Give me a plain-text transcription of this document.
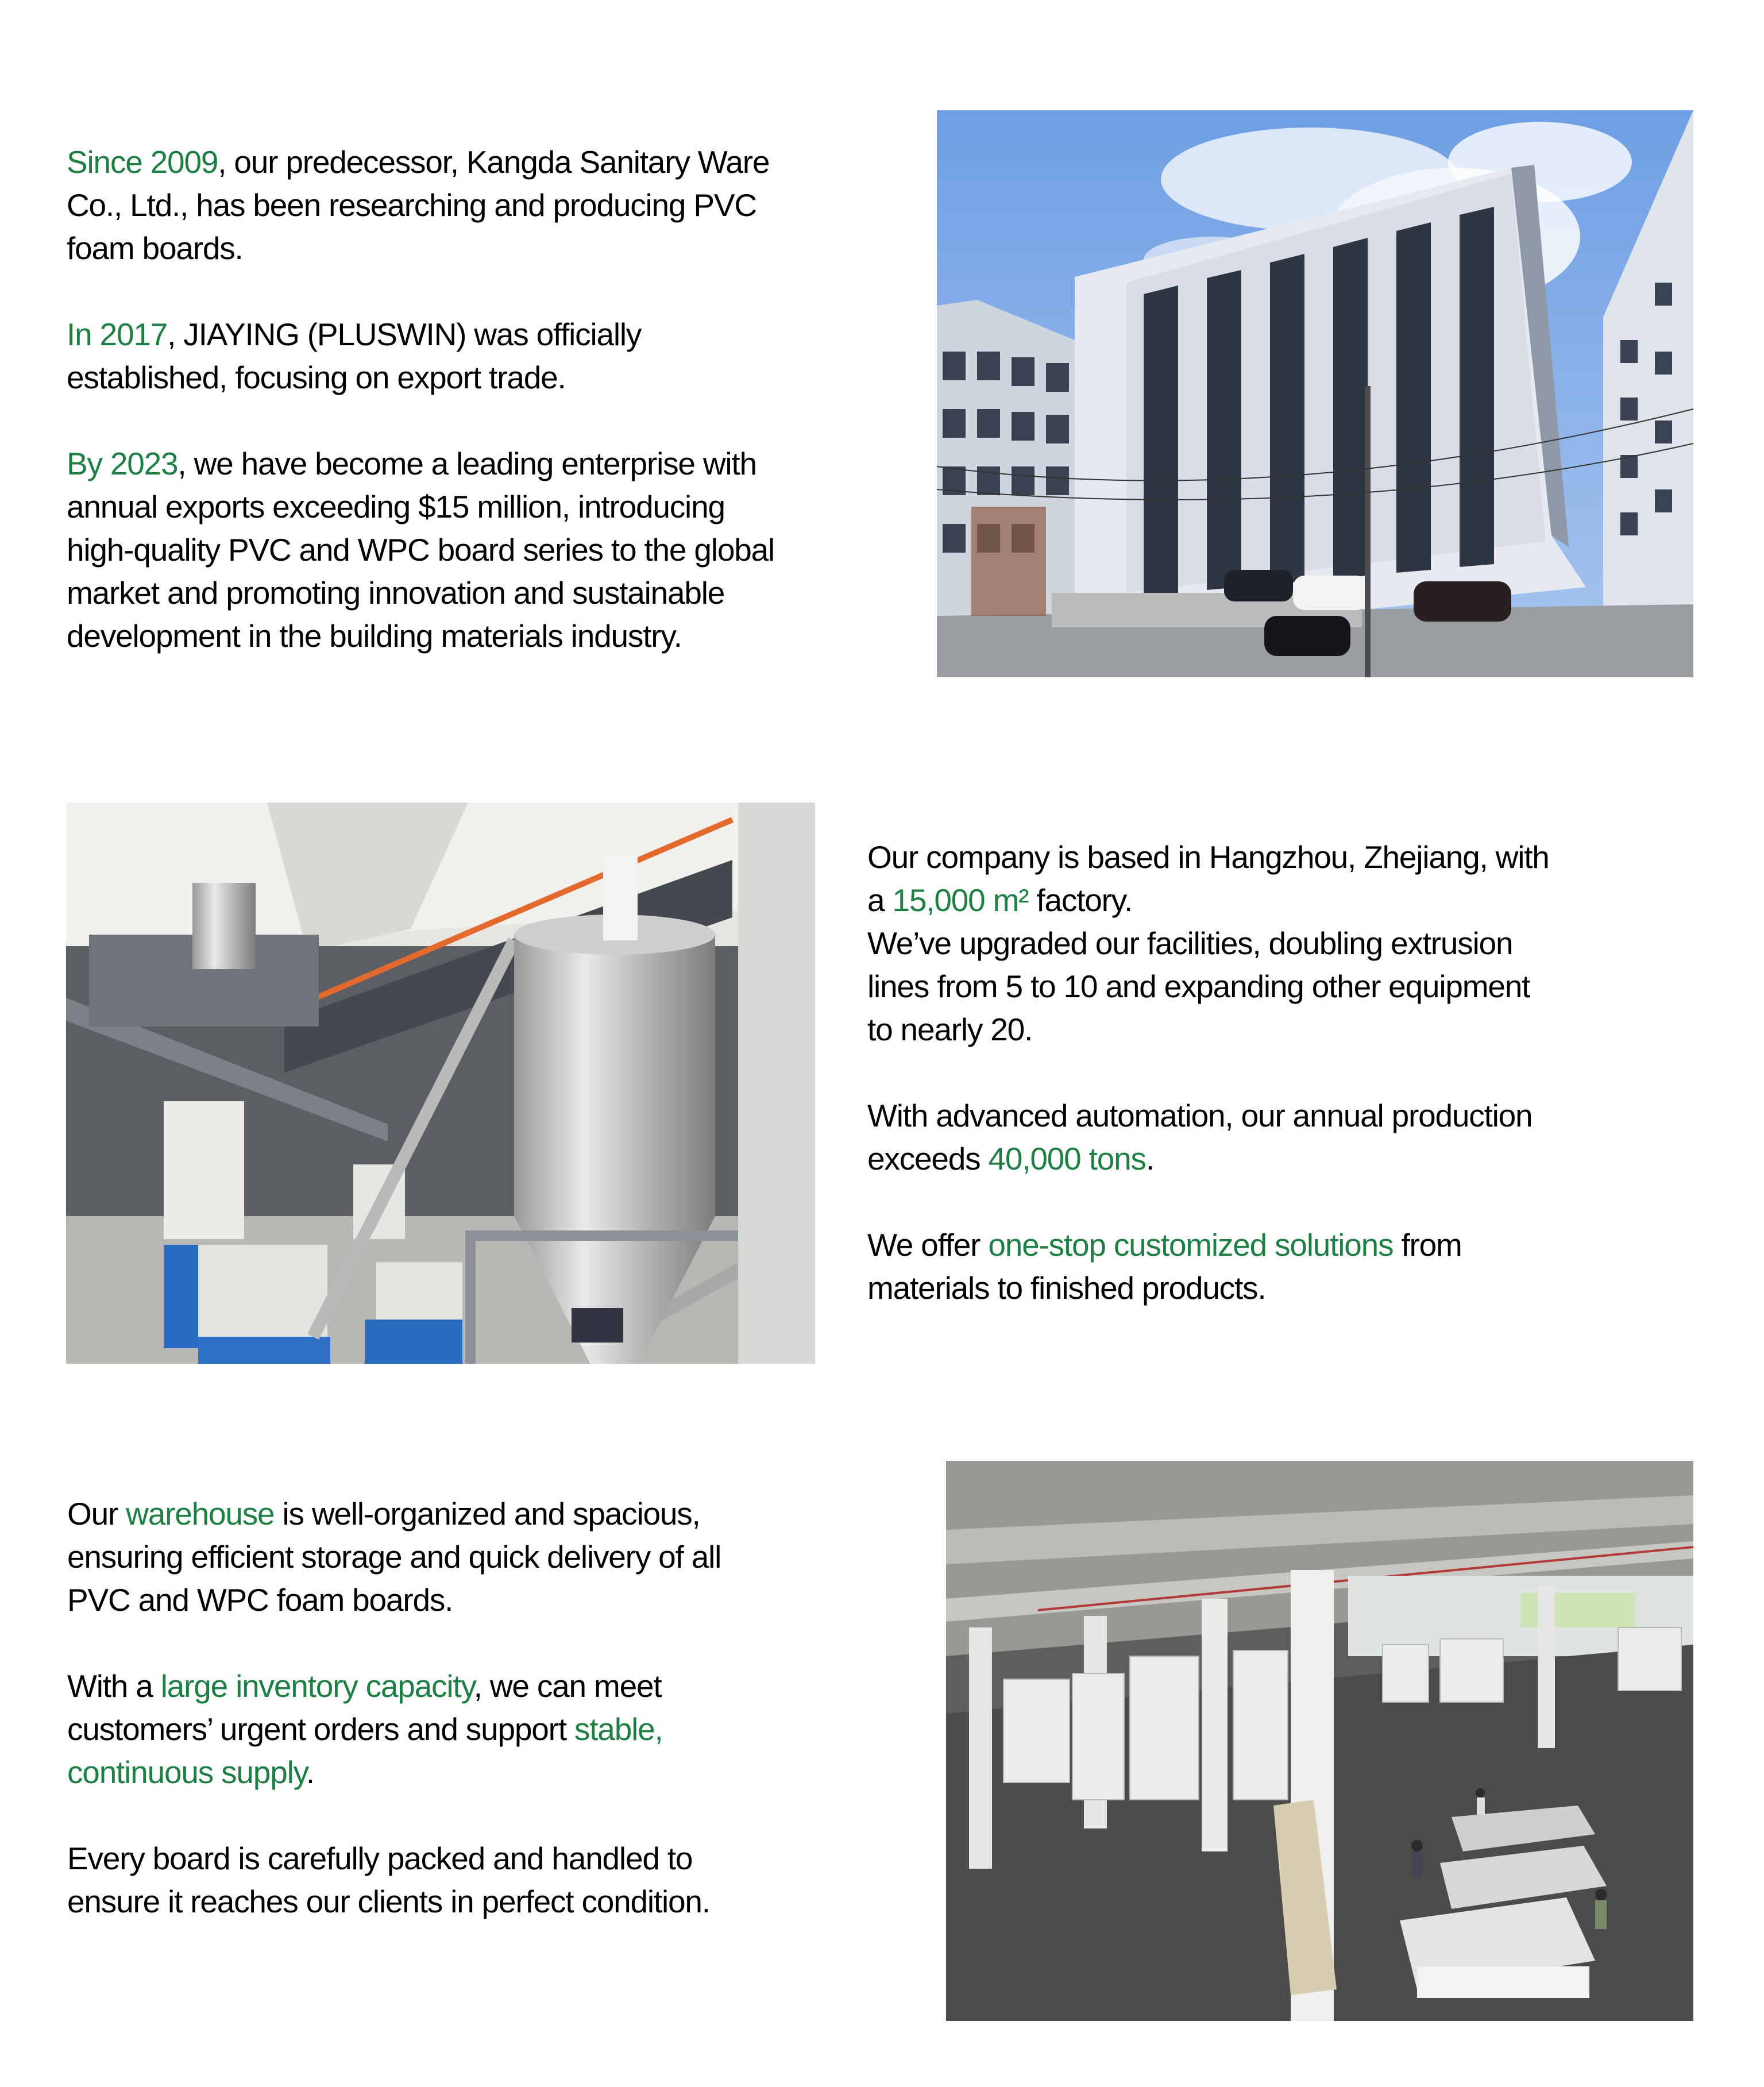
Since 2009, our predecessor, Kangda Sanitary Ware
Co., Ltd., has been researching and producing PVC
foam boards.
In 2017, JIAYING (PLUSWIN) was officially
established, focusing on export trade.
By 2023, we have become a leading enterprise with
annual exports exceeding $15 million, introducing
high-quality PVC and WPC board series to the global
market and promoting innovation and sustainable
development in the building materials industry.
Our company is based in Hangzhou, Zhejiang, with
a 15,000 m² factory.
We’ve upgraded our facilities, doubling extrusion
lines from 5 to 10 and expanding other equipment
to nearly 20.
With advanced automation, our annual production
exceeds 40,000 tons.
We offer one-stop customized solutions from
materials to finished products.
Our warehouse is well-organized and spacious,
ensuring efficient storage and quick delivery of all
PVC and WPC foam boards.
With a large inventory capacity, we can meet
customers’ urgent orders and support stable,
continuous supply.
Every board is carefully packed and handled to
ensure it reaches our clients in perfect condition.
